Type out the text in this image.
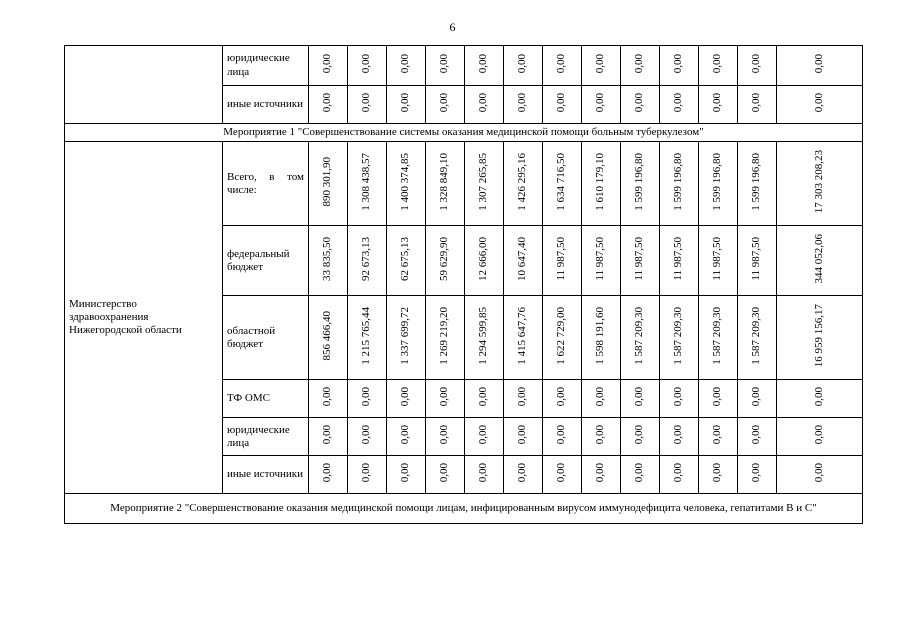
6
	юридические лица	0,00	0,00	0,00	0,00	0,00	0,00	0,00	0,00	0,00	0,00	0,00	0,00	0,00
	иные источники	0,00	0,00	0,00	0,00	0,00	0,00	0,00	0,00	0,00	0,00	0,00	0,00	0,00
Мероприятие 1 "Совершенствование системы оказания медицинской помощи больным туберкулезом"														
Министерство здравоохранения Нижегородской области	Всего, в том числе:	890 301,90	1 308 438,57	1 400 374,85	1 328 849,10	1 307 265,85	1 426 295,16	1 634 716,50	1 610 179,10	1 599 196,80	1 599 196,80	1 599 196,80	1 599 196,80	17 303 208,23
	федеральный бюджет	33 835,50	92 673,13	62 675,13	59 629,90	12 666,00	10 647,40	11 987,50	11 987,50	11 987,50	11 987,50	11 987,50	11 987,50	344 052,06
	областной бюджет	856 466,40	1 215 765,44	1 337 699,72	1 269 219,20	1 294 599,85	1 415 647,76	1 622 729,00	1 598 191,60	1 587 209,30	1 587 209,30	1 587 209,30	1 587 209,30	16 959 156,17
	ТФ ОМС	0,00	0,00	0,00	0,00	0,00	0,00	0,00	0,00	0,00	0,00	0,00	0,00	0,00
	юридические лица	0,00	0,00	0,00	0,00	0,00	0,00	0,00	0,00	0,00	0,00	0,00	0,00	0,00
	иные источники	0,00	0,00	0,00	0,00	0,00	0,00	0,00	0,00	0,00	0,00	0,00	0,00	0,00
Мероприятие 2 "Совершенствование оказания медицинской помощи лицам, инфицированным вирусом иммунодефицита человека, гепатитами В и С"														
